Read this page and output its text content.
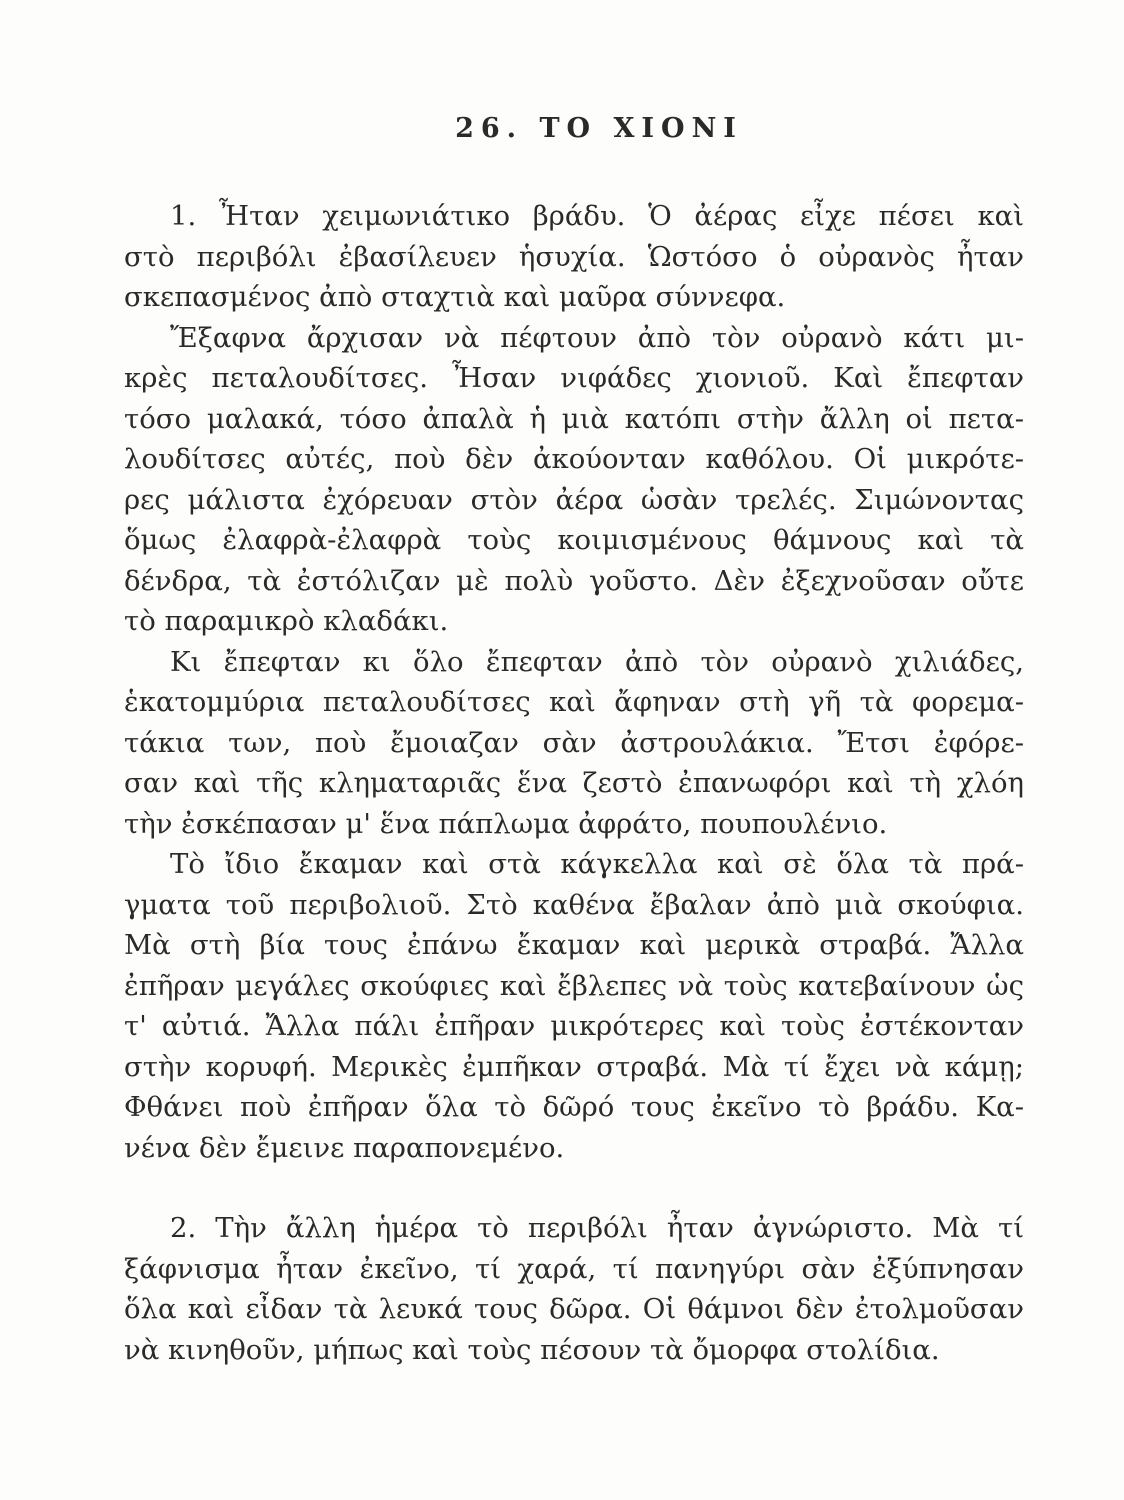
26. ΤΟ ΧΙΟΝΙ
1. Ἦταν χειμωνιάτικο βράδυ. Ὁ ἀέρας εἶχε πέσει καὶ
στὸ περιβόλι ἐβασίλευεν ἡσυχία. Ὡστόσο ὁ οὐρανὸς ἦταν
σκεπασμένος ἀπὸ σταχτιὰ καὶ μαῦρα σύννεφα.
Ἔξαφνα ἄρχισαν νὰ πέφτουν ἀπὸ τὸν οὐρανὸ κάτι μι-
κρὲς πεταλουδίτσες. Ἦσαν νιφάδες χιονιοῦ. Καὶ ἔπεφταν
τόσο μαλακά, τόσο ἀπαλὰ ἡ μιὰ κατόπι στὴν ἄλλη οἱ πετα-
λουδίτσες αὐτές, ποὺ δὲν ἀκούονταν καθόλου. Οἱ μικρότε-
ρες μάλιστα ἐχόρευαν στὸν ἀέρα ὡσὰν τρελές. Σιμώνοντας
ὅμως ἐλαφρὰ-ἐλαφρὰ τοὺς κοιμισμένους θάμνους καὶ τὰ
δένδρα, τὰ ἐστόλιζαν μὲ πολὺ γοῦστο. Δὲν ἐξεχνοῦσαν οὔτε
τὸ παραμικρὸ κλαδάκι.
Κι ἔπεφταν κι ὅλο ἔπεφταν ἀπὸ τὸν οὐρανὸ χιλιάδες,
ἑκατομμύρια πεταλουδίτσες καὶ ἄφηναν στὴ γῆ τὰ φορεμα-
τάκια των, ποὺ ἔμοιαζαν σὰν ἀστρουλάκια. Ἔτσι ἐφόρε-
σαν καὶ τῆς κληματαριᾶς ἕνα ζεστὸ ἐπανωφόρι καὶ τὴ χλόη
τὴν ἐσκέπασαν μ' ἕνα πάπλωμα ἀφράτο, πουπουλένιο.
Τὸ ἴδιο ἔκαμαν καὶ στὰ κάγκελλα καὶ σὲ ὅλα τὰ πρά-
γματα τοῦ περιβολιοῦ. Στὸ καθένα ἔβαλαν ἀπὸ μιὰ σκούφια.
Μὰ στὴ βία τους ἐπάνω ἔκαμαν καὶ μερικὰ στραβά. Ἄλλα
ἐπῆραν μεγάλες σκούφιες καὶ ἔβλεπες νὰ τοὺς κατεβαίνουν ὡς
τ' αὐτιά. Ἄλλα πάλι ἐπῆραν μικρότερες καὶ τοὺς ἐστέκονταν
στὴν κορυφή. Μερικὲς ἐμπῆκαν στραβά. Μὰ τί ἔχει νὰ κάμῃ;
Φθάνει ποὺ ἐπῆραν ὅλα τὸ δῶρό τους ἐκεῖνο τὸ βράδυ. Κα-
νένα δὲν ἔμεινε παραπονεμένο.
2. Τὴν ἄλλη ἡμέρα τὸ περιβόλι ἦταν ἀγνώριστο. Μὰ τί
ξάφνισμα ἦταν ἐκεῖνο, τί χαρά, τί πανηγύρι σὰν ἐξύπνησαν
ὅλα καὶ εἶδαν τὰ λευκά τους δῶρα. Οἱ θάμνοι δὲν ἐτολμοῦσαν
νὰ κινηθοῦν, μήπως καὶ τοὺς πέσουν τὰ ὄμορφα στολίδια.
